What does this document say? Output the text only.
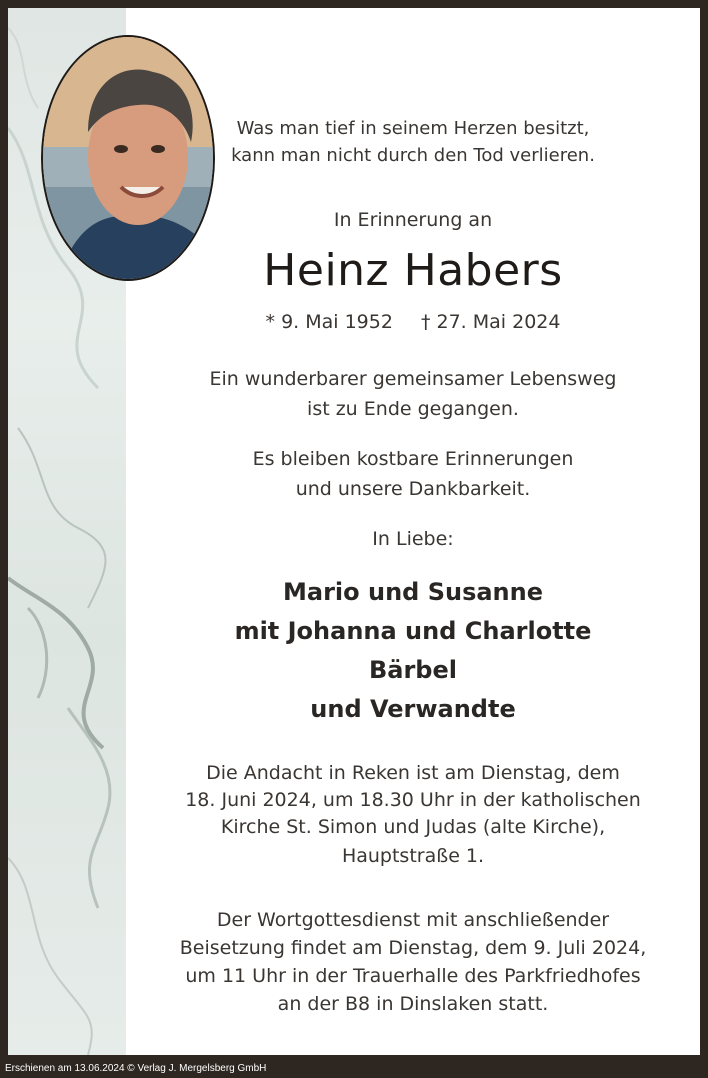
Was man tief in seinem Herzen besitzt,

kann man nicht durch den Tod verlieren.

In Erinnerung an

Heinz Habers

* 9. Mai 1952 † 27. Mai 2024

Ein wunderbarer gemeinsamer Lebensweg

ist zu Ende gegangen.

Es bleiben kostbare Erinnerungen

und unsere Dankbarkeit.

In Liebe:

Mario und Susanne

mit Johanna und Charlotte

Bärbel

und Verwandte

Die Andacht in Reken ist am Dienstag, dem

18. Juni 2024, um 18.30 Uhr in der katholischen

Kirche St. Simon und Judas (alte Kirche),

Hauptstraße 1.

Der Wortgottesdienst mit anschließender

Beisetzung findet am Dienstag, dem 9. Juli 2024,

um 11 Uhr in der Trauerhalle des Parkfriedhofes

an der B8 in Dinslaken statt.

Erschienen am 13.06.2024 © Verlag J. Mergelsberg GmbH
